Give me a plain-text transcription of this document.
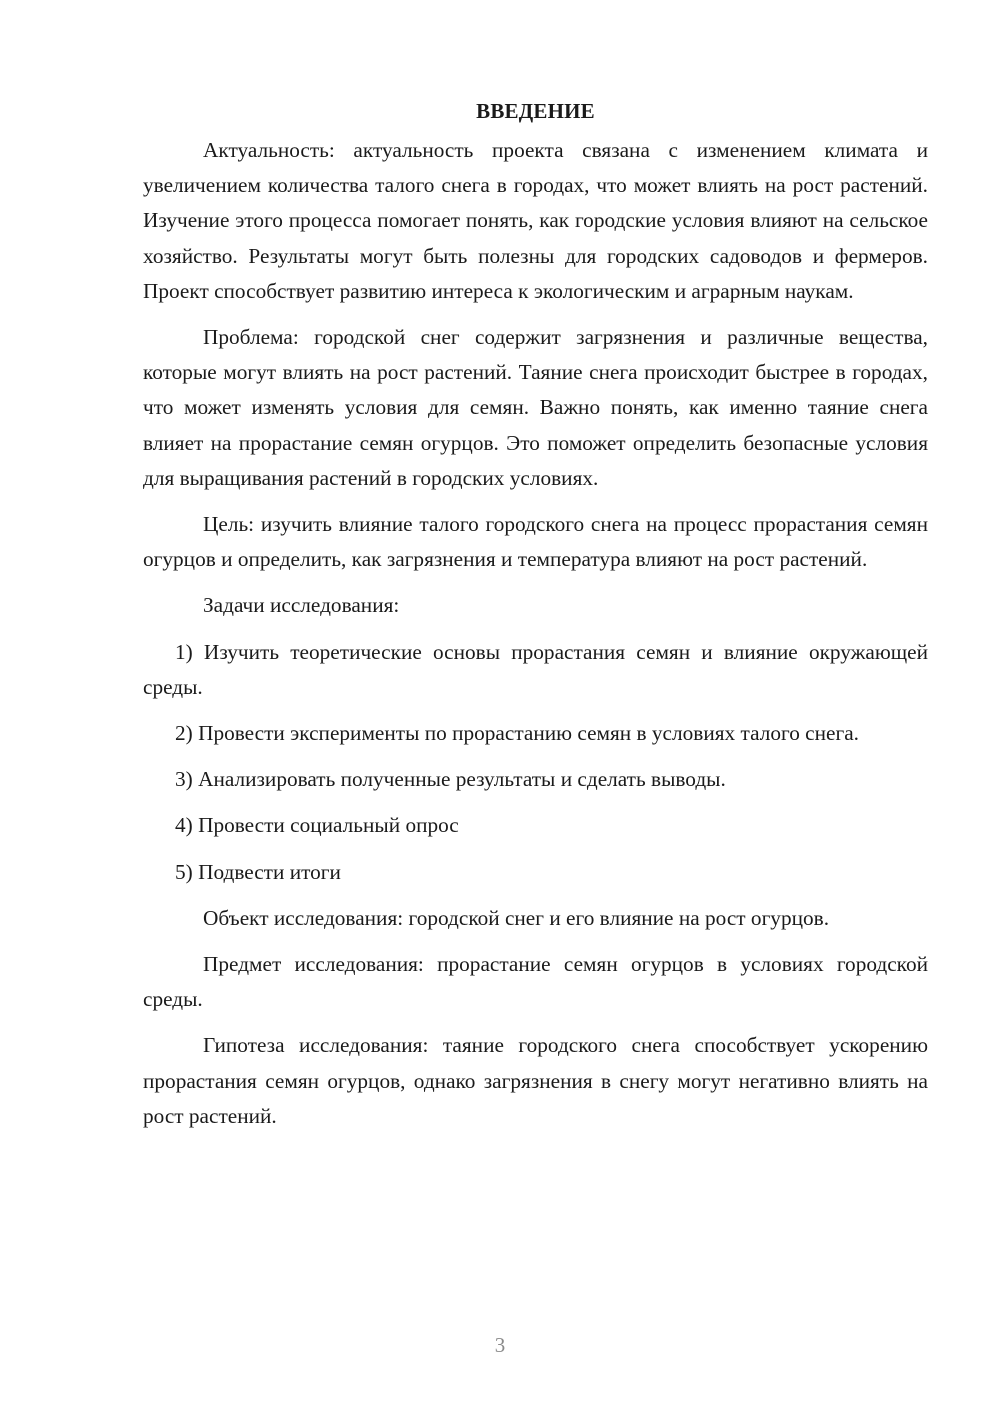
ВВЕДЕНИЕ

Актуальность: актуальность проекта связана с изменением климата и увеличением количества талого снега в городах, что может влиять на рост растений. Изучение этого процесса помогает понять, как городские условия влияют на сельское хозяйство. Результаты могут быть полезны для городских садоводов и фермеров. Проект способствует развитию интереса к экологическим и аграрным наукам.

Проблема: городской снег содержит загрязнения и различные вещества, которые могут влиять на рост растений. Таяние снега происходит быстрее в городах, что может изменять условия для семян. Важно понять, как именно таяние снега влияет на прорастание семян огурцов. Это поможет определить безопасные условия для выращивания растений в городских условиях.

Цель: изучить влияние талого городского снега на процесс прорастания семян огурцов и определить, как загрязнения и температура влияют на рост растений.

Задачи исследования:

1) Изучить теоретические основы прорастания семян и влияние окружающей среды.

2) Провести эксперименты по прорастанию семян в условиях талого снега.

3) Анализировать полученные результаты и сделать выводы.

4) Провести социальный опрос

5) Подвести итоги

Объект исследования: городской снег и его влияние на рост огурцов.

Предмет исследования: прорастание семян огурцов в условиях городской среды.

Гипотеза исследования: таяние городского снега способствует ускорению прорастания семян огурцов, однако загрязнения в снегу могут негативно влиять на рост растений.

3
